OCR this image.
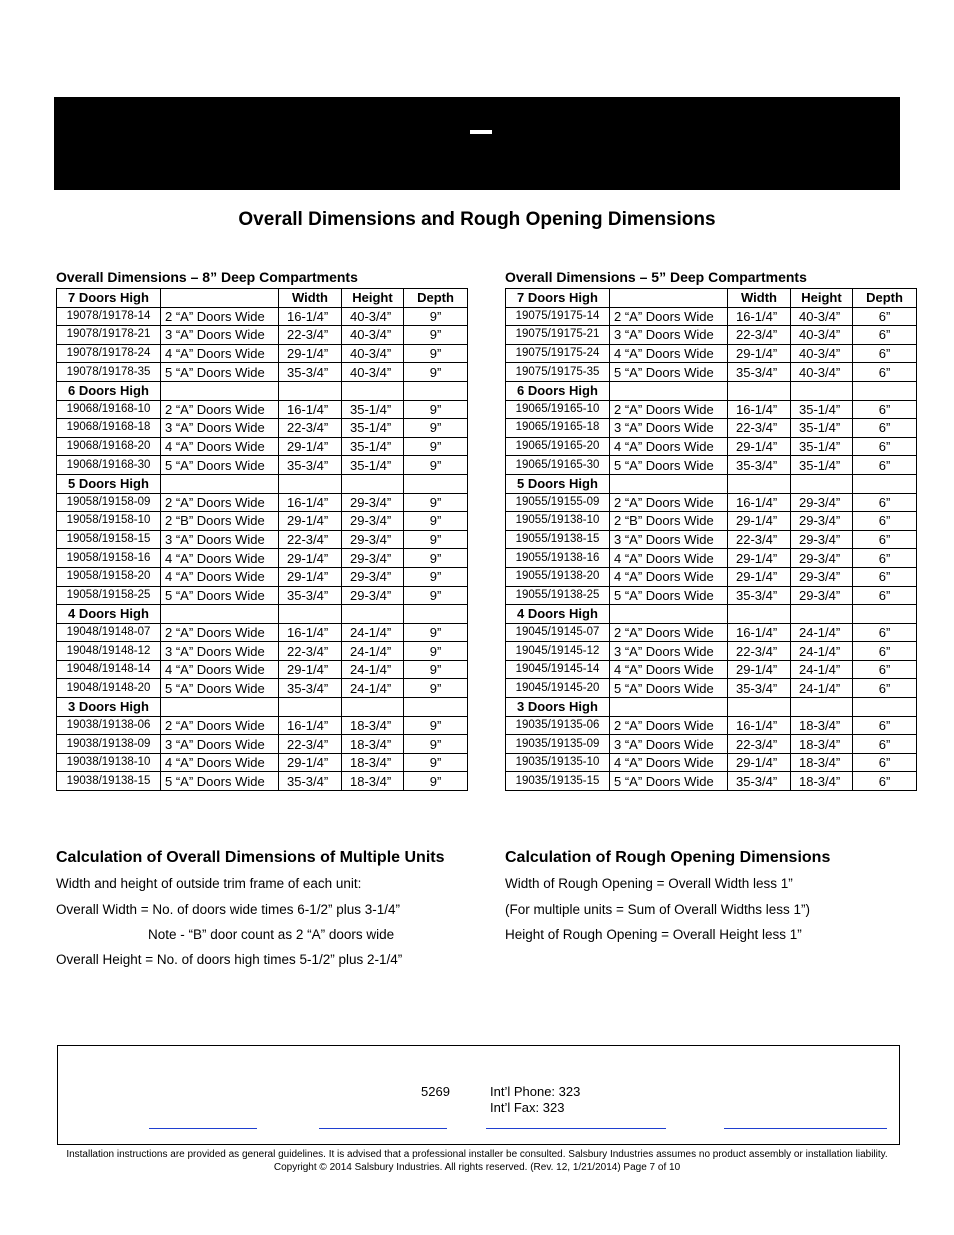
Overall Dimensions and Rough Opening Dimensions
Overall Dimensions – 8” Deep Compartments
7 Doors High		Width	Height	Depth
19078/19178-14	2 “A” Doors Wide	16-1/4”	40-3/4”	9”
19078/19178-21	3 “A” Doors Wide	22-3/4”	40-3/4”	9”
19078/19178-24	4 “A” Doors Wide	29-1/4”	40-3/4”	9”
19078/19178-35	5 “A” Doors Wide	35-3/4”	40-3/4”	9”
6 Doors High				
19068/19168-10	2 “A” Doors Wide	16-1/4”	35-1/4”	9”
19068/19168-18	3 “A” Doors Wide	22-3/4”	35-1/4”	9”
19068/19168-20	4 “A” Doors Wide	29-1/4”	35-1/4”	9”
19068/19168-30	5 “A” Doors Wide	35-3/4”	35-1/4”	9”
5 Doors High				
19058/19158-09	2 “A” Doors Wide	16-1/4”	29-3/4”	9”
19058/19158-10	2 “B” Doors Wide	29-1/4”	29-3/4”	9”
19058/19158-15	3 “A” Doors Wide	22-3/4”	29-3/4”	9”
19058/19158-16	4 “A” Doors Wide	29-1/4”	29-3/4”	9”
19058/19158-20	4 “A” Doors Wide	29-1/4”	29-3/4”	9”
19058/19158-25	5 “A” Doors Wide	35-3/4”	29-3/4”	9”
4 Doors High				
19048/19148-07	2 “A” Doors Wide	16-1/4”	24-1/4”	9”
19048/19148-12	3 “A” Doors Wide	22-3/4”	24-1/4”	9”
19048/19148-14	4 “A” Doors Wide	29-1/4”	24-1/4”	9”
19048/19148-20	5 “A” Doors Wide	35-3/4”	24-1/4”	9”
3 Doors High				
19038/19138-06	2 “A” Doors Wide	16-1/4”	18-3/4”	9”
19038/19138-09	3 “A” Doors Wide	22-3/4”	18-3/4”	9”
19038/19138-10	4 “A” Doors Wide	29-1/4”	18-3/4”	9”
19038/19138-15	5 “A” Doors Wide	35-3/4”	18-3/4”	9”
Overall Dimensions – 5” Deep Compartments
7 Doors High		Width	Height	Depth
19075/19175-14	2 “A” Doors Wide	16-1/4”	40-3/4”	6”
19075/19175-21	3 “A” Doors Wide	22-3/4”	40-3/4”	6”
19075/19175-24	4 “A” Doors Wide	29-1/4”	40-3/4”	6”
19075/19175-35	5 “A” Doors Wide	35-3/4”	40-3/4”	6”
6 Doors High				
19065/19165-10	2 “A” Doors Wide	16-1/4”	35-1/4”	6”
19065/19165-18	3 “A” Doors Wide	22-3/4”	35-1/4”	6”
19065/19165-20	4 “A” Doors Wide	29-1/4”	35-1/4”	6”
19065/19165-30	5 “A” Doors Wide	35-3/4”	35-1/4”	6”
5 Doors High				
19055/19155-09	2 “A” Doors Wide	16-1/4”	29-3/4”	6”
19055/19138-10	2 “B” Doors Wide	29-1/4”	29-3/4”	6”
19055/19138-15	3 “A” Doors Wide	22-3/4”	29-3/4”	6”
19055/19138-16	4 “A” Doors Wide	29-1/4”	29-3/4”	6”
19055/19138-20	4 “A” Doors Wide	29-1/4”	29-3/4”	6”
19055/19138-25	5 “A” Doors Wide	35-3/4”	29-3/4”	6”
4 Doors High				
19045/19145-07	2 “A” Doors Wide	16-1/4”	24-1/4”	6”
19045/19145-12	3 “A” Doors Wide	22-3/4”	24-1/4”	6”
19045/19145-14	4 “A” Doors Wide	29-1/4”	24-1/4”	6”
19045/19145-20	5 “A” Doors Wide	35-3/4”	24-1/4”	6”
3 Doors High				
19035/19135-06	2 “A” Doors Wide	16-1/4”	18-3/4”	6”
19035/19135-09	3 “A” Doors Wide	22-3/4”	18-3/4”	6”
19035/19135-10	4 “A” Doors Wide	29-1/4”	18-3/4”	6”
19035/19135-15	5 “A” Doors Wide	35-3/4”	18-3/4”	6”
Calculation of Overall Dimensions of Multiple Units
Width and height of outside trim frame of each unit:
Overall Width = No. of doors wide times 6-1/2” plus 3-1/4”
Note - “B” door count as 2 “A” doors wide
Overall Height = No. of doors high times 5-1/2” plus 2-1/4”
Calculation of Rough Opening Dimensions
Width of Rough Opening = Overall Width less 1”
(For multiple units = Sum of Overall Widths less 1”)
Height of Rough Opening = Overall Height less 1”
5269	Int’l Phone: 323
Int’l Fax: 323
Installation instructions are provided as general guidelines. It is advised that a professional installer be consulted. Salsbury Industries assumes no product assembly or installation liability.
Copyright © 2014 Salsbury Industries. All rights reserved. (Rev. 12, 1/21/2014) Page 7 of 10
